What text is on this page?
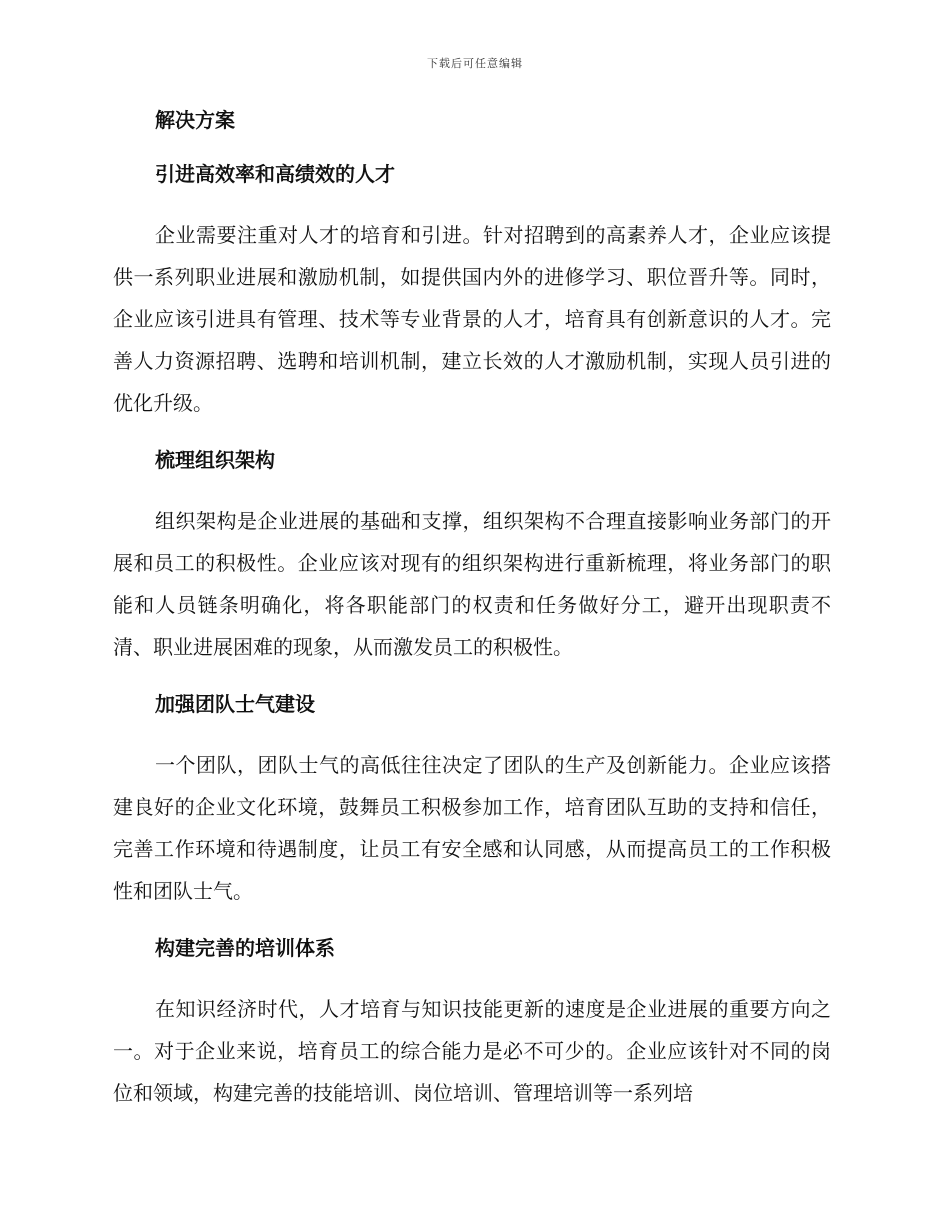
下载后可任意编辑
解决方案
引进高效率和高绩效的人才

企业需要注重对人才的培育和引进。针对招聘到的高素养人才，企业应该提供一系列职业进展和激励机制，如提供国内外的进修学习、职位晋升等。同时，企业应该引进具有管理、技术等专业背景的人才，培育具有创新意识的人才。完善人力资源招聘、选聘和培训机制，建立长效的人才激励机制，实现人员引进的优化升级。

梳理组织架构

组织架构是企业进展的基础和支撑，组织架构不合理直接影响业务部门的开展和员工的积极性。企业应该对现有的组织架构进行重新梳理，将业务部门的职能和人员链条明确化，将各职能部门的权责和任务做好分工，避开出现职责不清、职业进展困难的现象，从而激发员工的积极性。

加强团队士气建设

一个团队，团队士气的高低往往决定了团队的生产及创新能力。企业应该搭建良好的企业文化环境，鼓舞员工积极参加工作，培育团队互助的支持和信任，完善工作环境和待遇制度，让员工有安全感和认同感，从而提高员工的工作积极性和团队士气。

构建完善的培训体系

在知识经济时代，人才培育与知识技能更新的速度是企业进展的重要方向之一。对于企业来说，培育员工的综合能力是必不可少的。企业应该针对不同的岗位和领域，构建完善的技能培训、岗位培训、管理培训等一系列培
